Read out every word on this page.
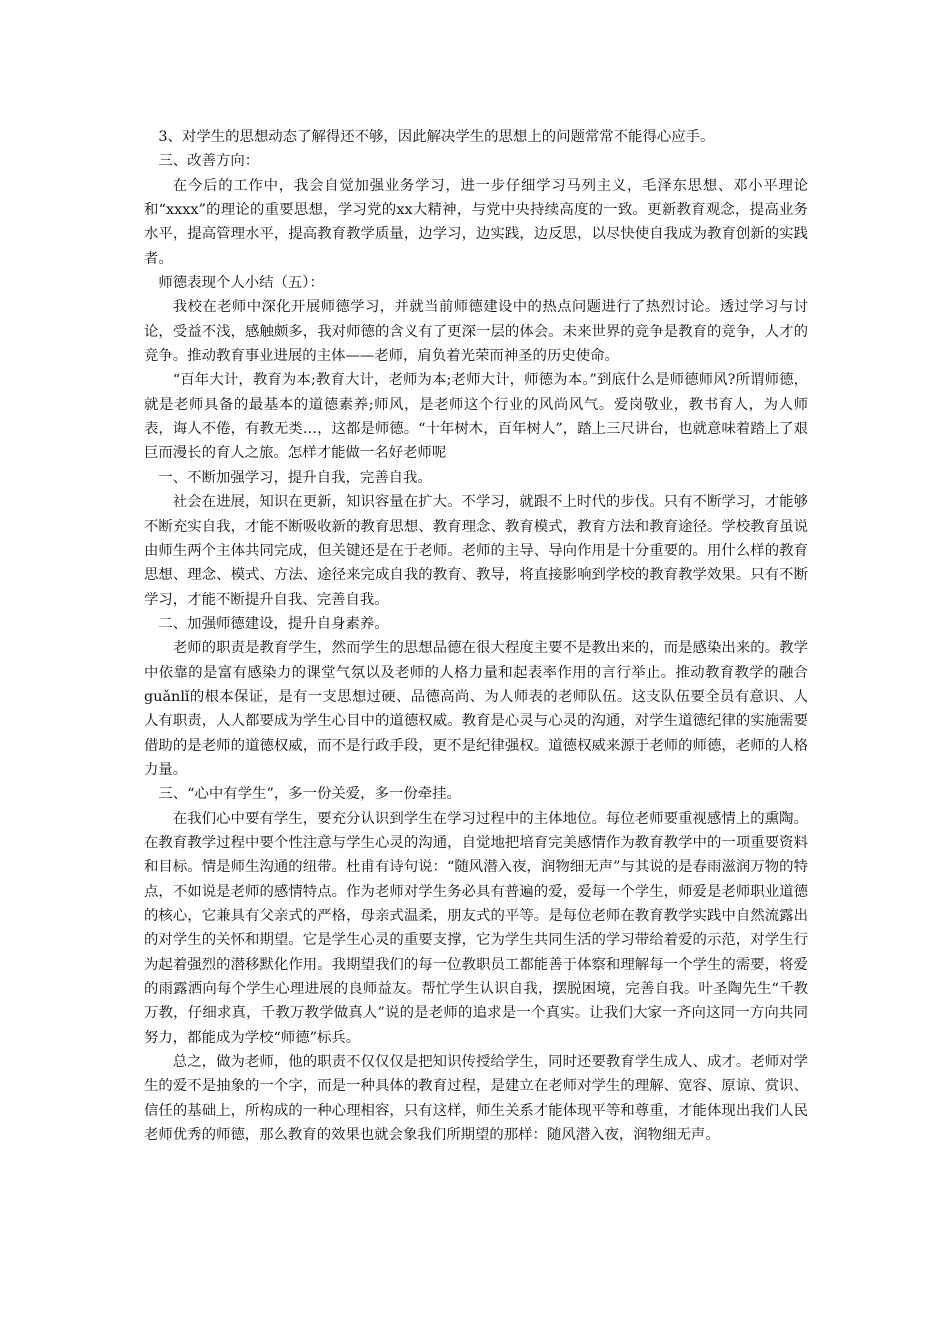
3、对学生的思想动态了解得还不够，因此解决学生的思想上的问题常常不能得心应手。

三、改善方向：

在今后的工作中，我会自觉加强业务学习，进一步仔细学习马列主义，毛泽东思想、邓小平理论和“xxxx”的理论的重要思想，学习党的xx大精神，与党中央持续高度的一致。更新教育观念，提高业务水平，提高管理水平，提高教育教学质量，边学习，边实践，边反思，以尽快使自我成为教育创新的实践者。

师德表现个人小结（五）：

我校在老师中深化开展师德学习，并就当前师德建设中的热点问题进行了热烈讨论。透过学习与讨论，受益不浅，感触颇多，我对师德的含义有了更深一层的体会。未来世界的竞争是教育的竞争，人才的竞争。推动教育事业进展的主体——老师，肩负着光荣而神圣的历史使命。

“百年大计，教育为本;教育大计，老师为本;老师大计，师德为本。”到底什么是师德师风?所谓师德，就是老师具备的最基本的道德素养;师风，是老师这个行业的风尚风气。爱岗敬业，教书育人，为人师表，诲人不倦，有教无类…，这都是师德。“十年树木，百年树人”，踏上三尺讲台，也就意味着踏上了艰巨而漫长的育人之旅。怎样才能做一名好老师呢

一、不断加强学习，提升自我，完善自我。

社会在进展，知识在更新，知识容量在扩大。不学习，就跟不上时代的步伐。只有不断学习，才能够不断充实自我，才能不断吸收新的教育思想、教育理念、教育模式，教育方法和教育途径。学校教育虽说由师生两个主体共同完成，但关键还是在于老师。老师的主导、导向作用是十分重要的。用什么样的教育思想、理念、模式、方法、途径来完成自我的教育、教导，将直接影响到学校的教育教学效果。只有不断学习，才能不断提升自我、完善自我。

二、加强师德建设，提升自身素养。

老师的职责是教育学生，然而学生的思想品德在很大程度主要不是教出来的，而是感染出来的。教学中依靠的是富有感染力的课堂气氛以及老师的人格力量和起表率作用的言行举止。推动教育教学的融合guǎnlǐ的根本保证，是有一支思想过硬、品德高尚、为人师表的老师队伍。这支队伍要全员有意识、人人有职责，人人都要成为学生心目中的道德权威。教育是心灵与心灵的沟通，对学生道德纪律的实施需要借助的是老师的道德权威，而不是行政手段，更不是纪律强权。道德权威来源于老师的师德，老师的人格力量。

三、“心中有学生”，多一份关爱，多一份牵挂。

在我们心中要有学生，要充分认识到学生在学习过程中的主体地位。每位老师要重视感情上的熏陶。在教育教学过程中要个性注意与学生心灵的沟通，自觉地把培育完美感情作为教育教学中的一项重要资料和目标。情是师生沟通的纽带。杜甫有诗句说：“随风潜入夜，润物细无声”与其说的是春雨滋润万物的特点，不如说是老师的感情特点。作为老师对学生务必具有普遍的爱，爱每一个学生，师爱是老师职业道德的核心，它兼具有父亲式的严格，母亲式温柔，朋友式的平等。是每位老师在教育教学实践中自然流露出的对学生的关怀和期望。它是学生心灵的重要支撑，它为学生共同生活的学习带给着爱的示范，对学生行为起着强烈的潜移默化作用。我期望我们的每一位教职员工都能善于体察和理解每一个学生的需要，将爱的雨露洒向每个学生心理进展的良师益友。帮忙学生认识自我，摆脱困境，完善自我。叶圣陶先生“千教万教，仔细求真，千教万教学做真人”说的是老师的追求是一个真实。让我们大家一齐向这同一方向共同努力，都能成为学校“师德”标兵。

总之，做为老师，他的职责不仅仅仅是把知识传授给学生，同时还要教育学生成人、成才。老师对学生的爱不是抽象的一个字，而是一种具体的教育过程，是建立在老师对学生的理解、宽容、原谅、赏识、信任的基础上，所构成的一种心理相容，只有这样，师生关系才能体现平等和尊重，才能体现出我们人民老师优秀的师德，那么教育的效果也就会象我们所期望的那样：随风潜入夜，润物细无声。
